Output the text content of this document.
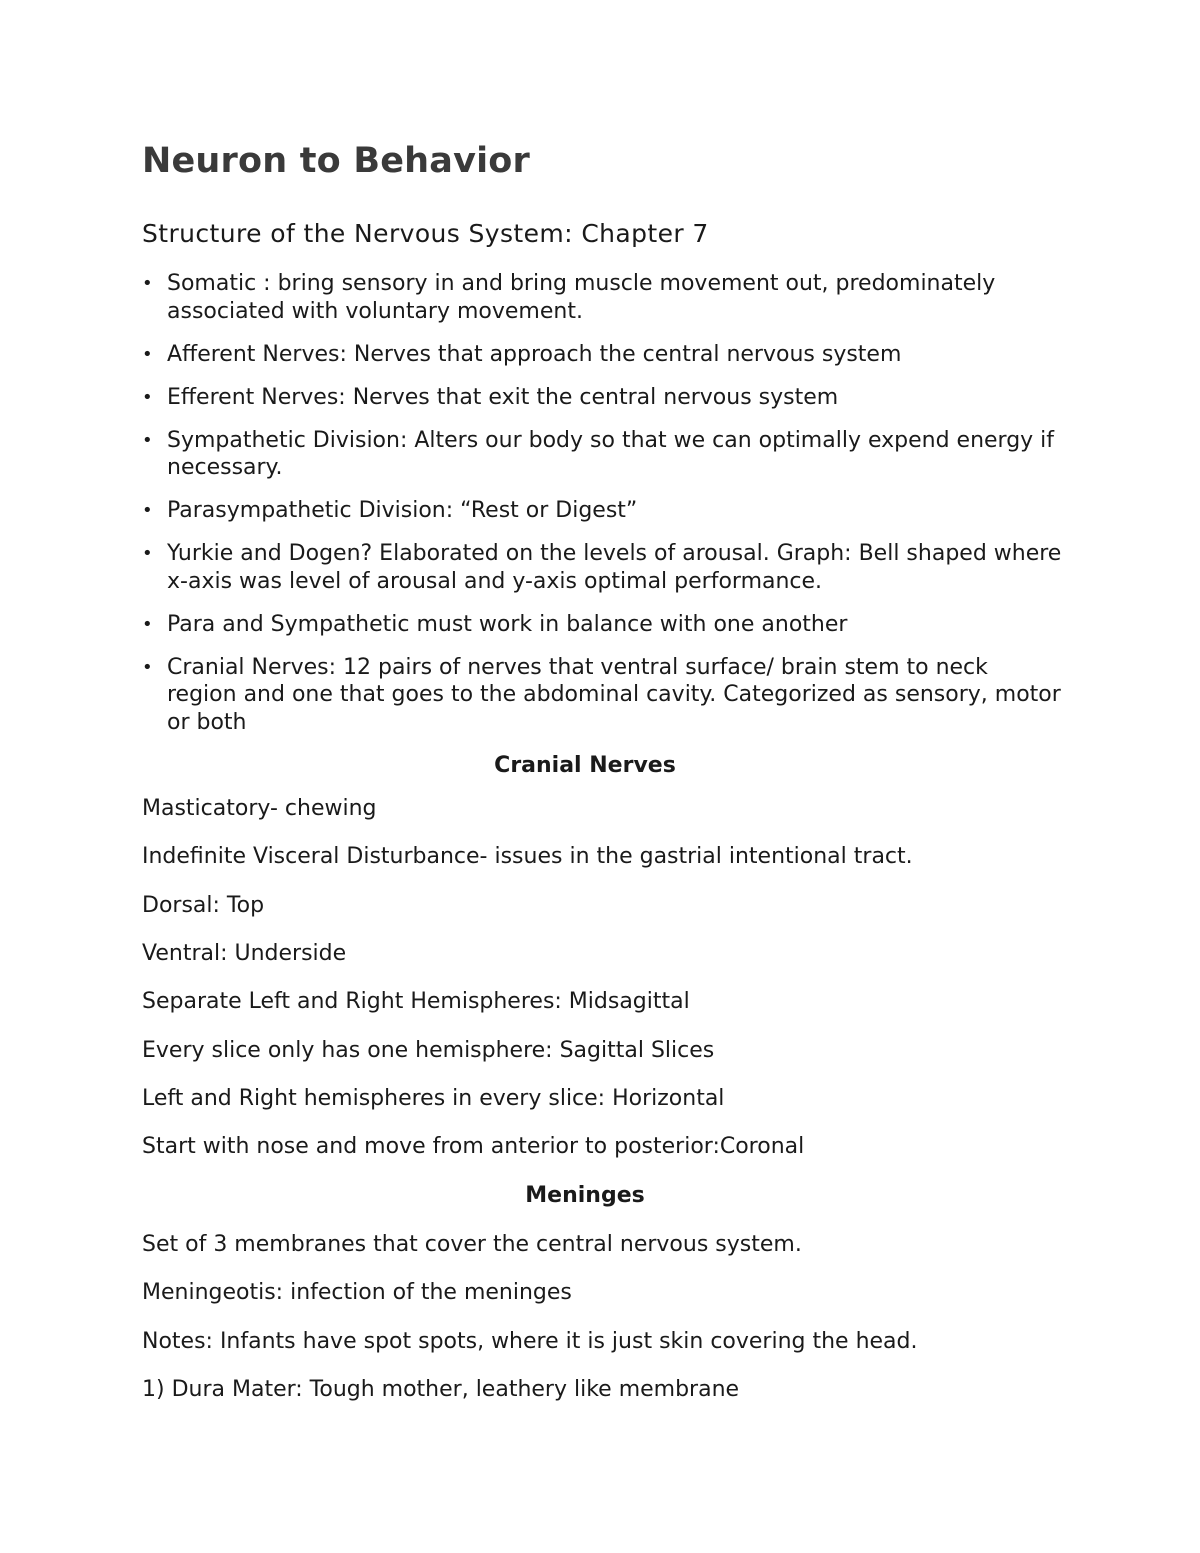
Neuron to Behavior
Structure of the Nervous System: Chapter 7
• Somatic : bring sensory in and bring muscle movement out, predominately associated with voluntary movement.
• Afferent Nerves: Nerves that approach the central nervous system
• Efferent Nerves: Nerves that exit the central nervous system
• Sympathetic Division: Alters our body so that we can optimally expend energy if necessary.
• Parasympathetic Division: “Rest or Digest”
• Yurkie and Dogen? Elaborated on the levels of arousal. Graph: Bell shaped where x-axis was level of arousal and y-axis optimal performance.
• Para and Sympathetic must work in balance with one another
• Cranial Nerves: 12 pairs of nerves that ventral surface/ brain stem to neck region and one that goes to the abdominal cavity. Categorized as sensory, motor or both
Cranial Nerves

Masticatory- chewing

Indefinite Visceral Disturbance- issues in the gastrial intentional tract.

Dorsal: Top

Ventral: Underside

Separate Left and Right Hemispheres: Midsagittal

Every slice only has one hemisphere: Sagittal Slices

Left and Right hemispheres in every slice: Horizontal

Start with nose and move from anterior to posterior:Coronal

Meninges

Set of 3 membranes that cover the central nervous system.

Meningeotis: infection of the meninges

Notes: Infants have spot spots, where it is just skin covering the head.

1) Dura Mater: Tough mother, leathery like membrane
